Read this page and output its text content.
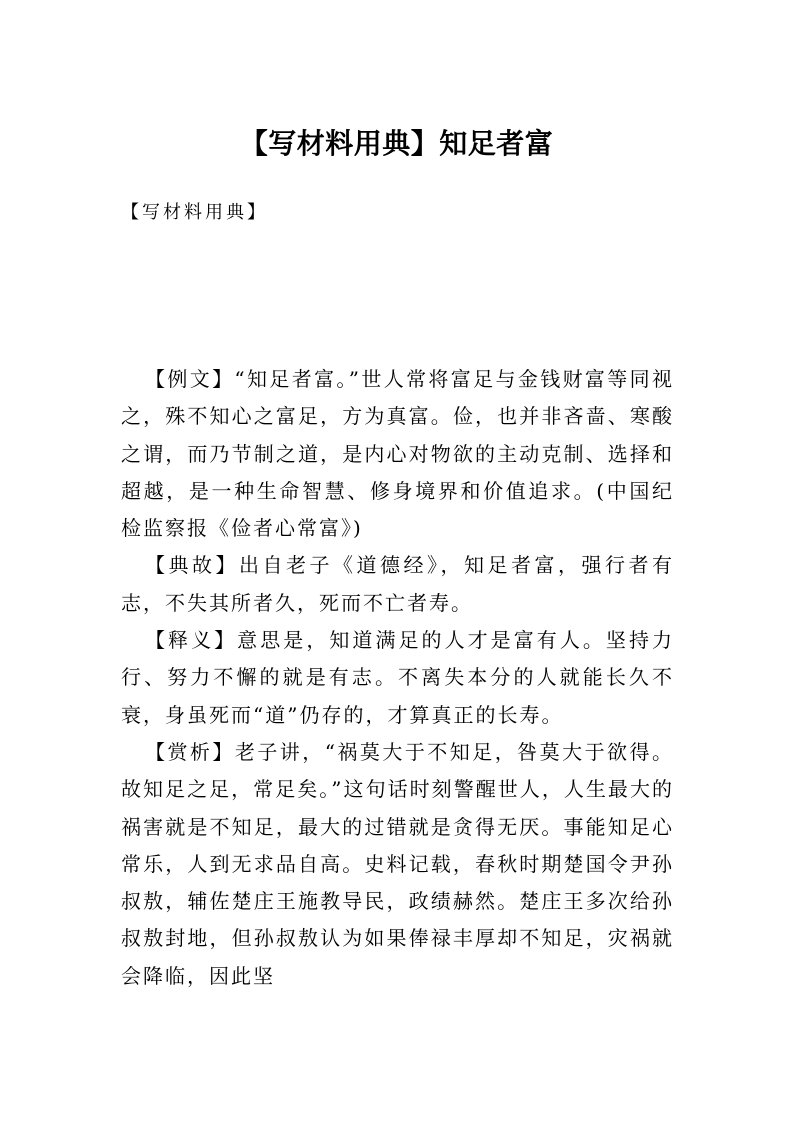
【写材料用典】知足者富
【写材料用典】

【例文】“知足者富。”世人常将富足与金钱财富等同视之，殊不知心之富足，方为真富。俭，也并非吝啬、寒酸之谓，而乃节制之道，是内心对物欲的主动克制、选择和超越，是一种生命智慧、修身境界和价值追求。(中国纪检监察报《俭者心常富》)

【典故】出自老子《道德经》，知足者富，强行者有志，不失其所者久，死而不亡者寿。

【释义】意思是，知道满足的人才是富有人。坚持力行、努力不懈的就是有志。不离失本分的人就能长久不衰，身虽死而“道”仍存的，才算真正的长寿。

【赏析】老子讲，“祸莫大于不知足，咎莫大于欲得。故知足之足，常足矣。”这句话时刻警醒世人，人生最大的祸害就是不知足，最大的过错就是贪得无厌。事能知足心常乐，人到无求品自高。史料记载，春秋时期楚国令尹孙叔敖，辅佐楚庄王施教导民，政绩赫然。楚庄王多次给孙叔敖封地，但孙叔敖认为如果俸禄丰厚却不知足，灾祸就会降临，因此坚
